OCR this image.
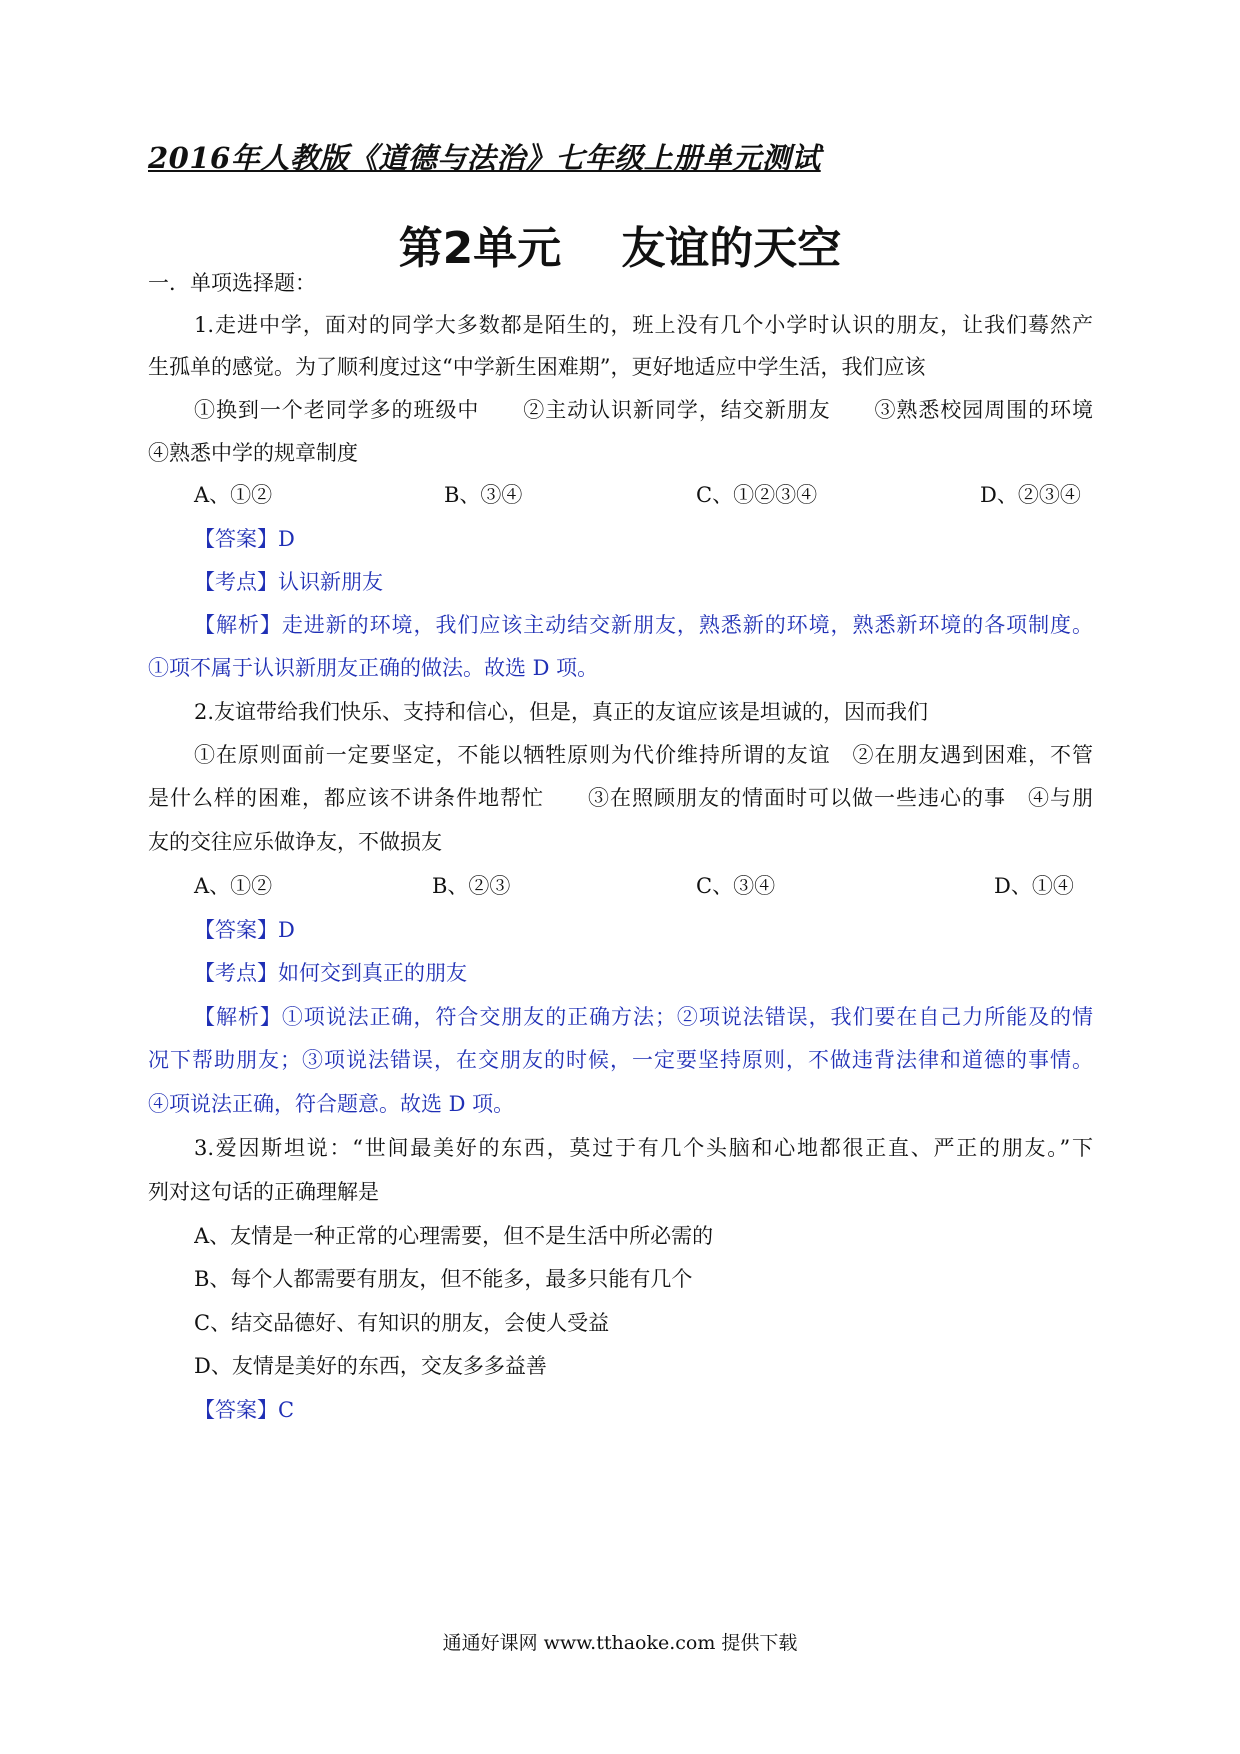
2016年人教版《道德与法治》七年级上册单元测试
第2单元 友谊的天空
一．单项选择题：
1.走进中学，面对的同学大多数都是陌生的，班上没有几个小学时认识的朋友，让我们蓦然产
生孤单的感觉。为了顺利度过这“中学新生困难期”，更好地适应中学生活，我们应该
①换到一个老同学多的班级中　　②主动认识新同学，结交新朋友　　③熟悉校园周围的环境
④熟悉中学的规章制度
A、①②	B、③④	C、①②③④	D、②③④
【答案】D
【考点】认识新朋友
【解析】走进新的环境，我们应该主动结交新朋友，熟悉新的环境，熟悉新环境的各项制度。
①项不属于认识新朋友正确的做法。故选 D 项。
2.友谊带给我们快乐、支持和信心，但是，真正的友谊应该是坦诚的，因而我们
①在原则面前一定要坚定，不能以牺牲原则为代价维持所谓的友谊　②在朋友遇到困难，不管
是什么样的困难，都应该不讲条件地帮忙　　③在照顾朋友的情面时可以做一些违心的事　④与朋
友的交往应乐做诤友，不做损友
A、①②	B、②③	C、③④	D、①④
【答案】D
【考点】如何交到真正的朋友
【解析】①项说法正确，符合交朋友的正确方法；②项说法错误，我们要在自己力所能及的情
况下帮助朋友；③项说法错误，在交朋友的时候，一定要坚持原则，不做违背法律和道德的事情。
④项说法正确，符合题意。故选 D 项。
3.爱因斯坦说：“世间最美好的东西，莫过于有几个头脑和心地都很正直、严正的朋友。”下
列对这句话的正确理解是
A、友情是一种正常的心理需要，但不是生活中所必需的
B、每个人都需要有朋友，但不能多，最多只能有几个
C、结交品德好、有知识的朋友，会使人受益
D、友情是美好的东西，交友多多益善
【答案】C
通通好课网 www.tthaoke.com 提供下载
